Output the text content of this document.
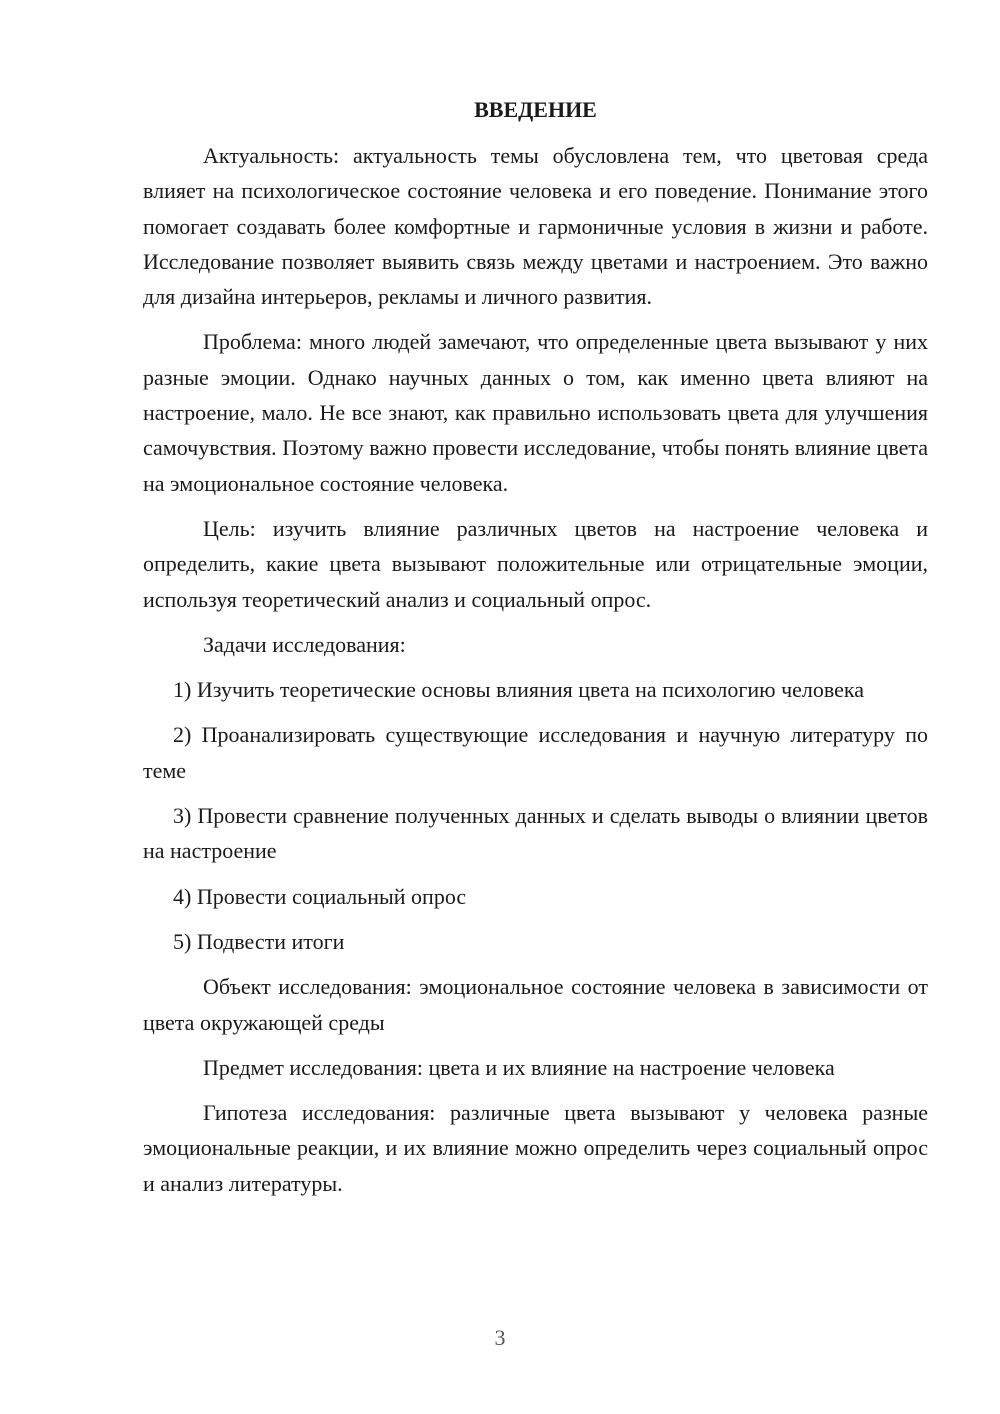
ВВЕДЕНИЕ

Актуальность: актуальность темы обусловлена тем, что цветовая среда влияет на психологическое состояние человека и его поведение. Понимание этого помогает создавать более комфортные и гармоничные условия в жизни и работе. Исследование позволяет выявить связь между цветами и настроением. Это важно для дизайна интерьеров, рекламы и личного развития.

Проблема: много людей замечают, что определенные цвета вызывают у них разные эмоции. Однако научных данных о том, как именно цвета влияют на настроение, мало. Не все знают, как правильно использовать цвета для улучшения самочувствия. Поэтому важно провести исследование, чтобы понять влияние цвета на эмоциональное состояние человека.

Цель: изучить влияние различных цветов на настроение человека и определить, какие цвета вызывают положительные или отрицательные эмоции, используя теоретический анализ и социальный опрос.

Задачи исследования:

1) Изучить теоретические основы влияния цвета на психологию человека

2) Проанализировать существующие исследования и научную литературу по теме

3) Провести сравнение полученных данных и сделать выводы о влиянии цветов на настроение

4) Провести социальный опрос

5) Подвести итоги

Объект исследования: эмоциональное состояние человека в зависимости от цвета окружающей среды

Предмет исследования: цвета и их влияние на настроение человека

Гипотеза исследования: различные цвета вызывают у человека разные эмоциональные реакции, и их влияние можно определить через социальный опрос и анализ литературы.

3
